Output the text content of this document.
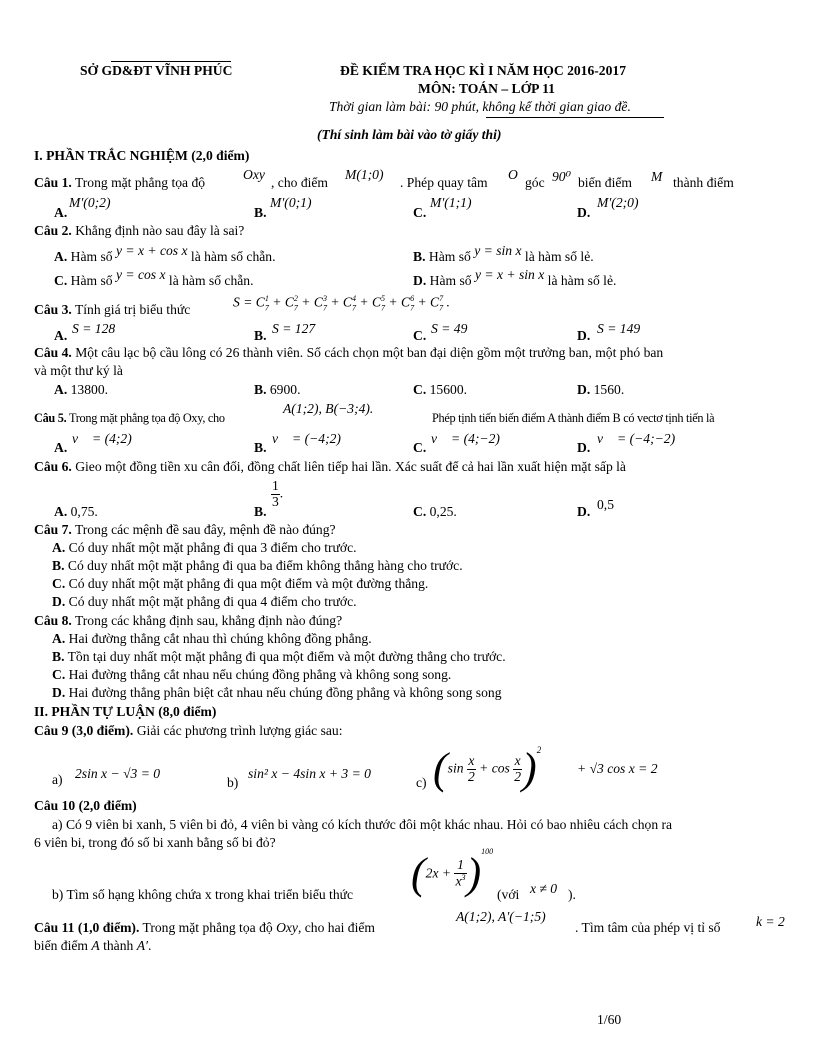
SỞ GD&ĐT VĨNH PHÚC	ĐỀ KIỂM TRA HỌC KÌ I NĂM HỌC 2016-2017
MÔN: TOÁN – LỚP 11
Thời gian làm bài: 90 phút, không kể thời gian giao đề.
(Thí sinh làm bài vào tờ giấy thi)
I. PHẦN TRẮC NGHIỆM (2,0 điểm)
Câu 1. Trong mặt phẳng tọa độ
Oxy
, cho điểm
M(1;0)
. Phép quay tâm
O
góc 90⁰ biến điểm M thành điểm
A.
M′(0;2)
B.
M′(0;1)
C.
M′(1;1)
D.
M′(2;0)
Câu 2. Khẳng định nào sau đây là sai?
A. Hàm số y = x + cos x là hàm số chẵn.	B. Hàm số y = sin x là hàm số lẻ.
C. Hàm số y = cos x là hàm số chẵn.	D. Hàm số y = x + sin x là hàm số lẻ.
Câu 3. Tính giá trị biểu thức	$S = C_7^1 + C_7^2 + C_7^3 + C_7^4 + C_7^5 + C_7^6 + C_7^7$ .
A. S = 128	B. S = 127	C. S = 49	D. S = 149
Câu 4. Một câu lạc bộ cầu lông có 26 thành viên. Số cách chọn một ban đại diện gồm một trưởng ban, một phó ban
và một thư ký là
A. 13800.	B. 6900.	C. 15600.	D. 1560.
Câu 5. Trong mặt phẳng tọa độ Oxy, cho
A(1;2), B(−3;4).
Phép tịnh tiến biến điểm A thành điểm B có vectơ tịnh tiến là
A.
v⃗ = (4;2)
B.
v⃗ = (−4;2)
C.
v⃗ = (4;−2)
D.
v⃗ = (−4;−2)
Câu 6. Gieo một đồng tiền xu cân đối, đồng chất liên tiếp hai lần. Xác suất để cả hai lần xuất hiện mặt sấp là
A. 0,75.	B.
$\frac{1}{3}$ .
C. 0,25.	D. 0,5
Câu 7. Trong các mệnh đề sau đây, mệnh đề nào đúng?
A. Có duy nhất một mặt phẳng đi qua 3 điểm cho trước.
B. Có duy nhất một mặt phẳng đi qua ba điểm không thẳng hàng cho trước.
C. Có duy nhất một mặt phẳng đi qua một điểm và một đường thẳng.
D. Có duy nhất một mặt phẳng đi qua 4 điểm cho trước.
Câu 8. Trong các khẳng định sau, khẳng định nào đúng?
A. Hai đường thẳng cắt nhau thì chúng không đồng phẳng.
B. Tồn tại duy nhất một mặt phẳng đi qua một điểm và một đường thẳng cho trước.
C. Hai đường thẳng cắt nhau nếu chúng đồng phẳng và không song song.
D. Hai đường thẳng phân biệt cắt nhau nếu chúng đồng phẳng và không song song
II. PHẦN TỰ LUẬN (8,0 điểm)
Câu 9 (3,0 điểm). Giải các phương trình lượng giác sau:
a) 2sin x − √3 = 0
b)
sin² x − 4sin x + 3 = 0
c) $(\sin \frac{x}{2} + \cos \frac{x}{2} )^2$
+ √3 cos x = 2
Câu 10 (2,0 điểm)
a) Có 9 viên bi xanh, 5 viên bi đỏ, 4 viên bi vàng có kích thước đôi một khác nhau. Hỏi có bao nhiêu cách chọn ra
6 viên bi, trong đó số bi xanh bằng số bi đỏ?
b) Tìm số hạng không chứa x trong khai triển biểu thức $(2x + \frac{1}{x^3} )^{100}$
(với x ≠ 0 ).
Câu 11 (1,0 điểm). Trong mặt phẳng tọa độ Oxy, cho hai điểm
A(1;2), A′(−1;5)
. Tìm tâm của phép vị tỉ số	k = 2
biến điểm A thành A′.
1/60
